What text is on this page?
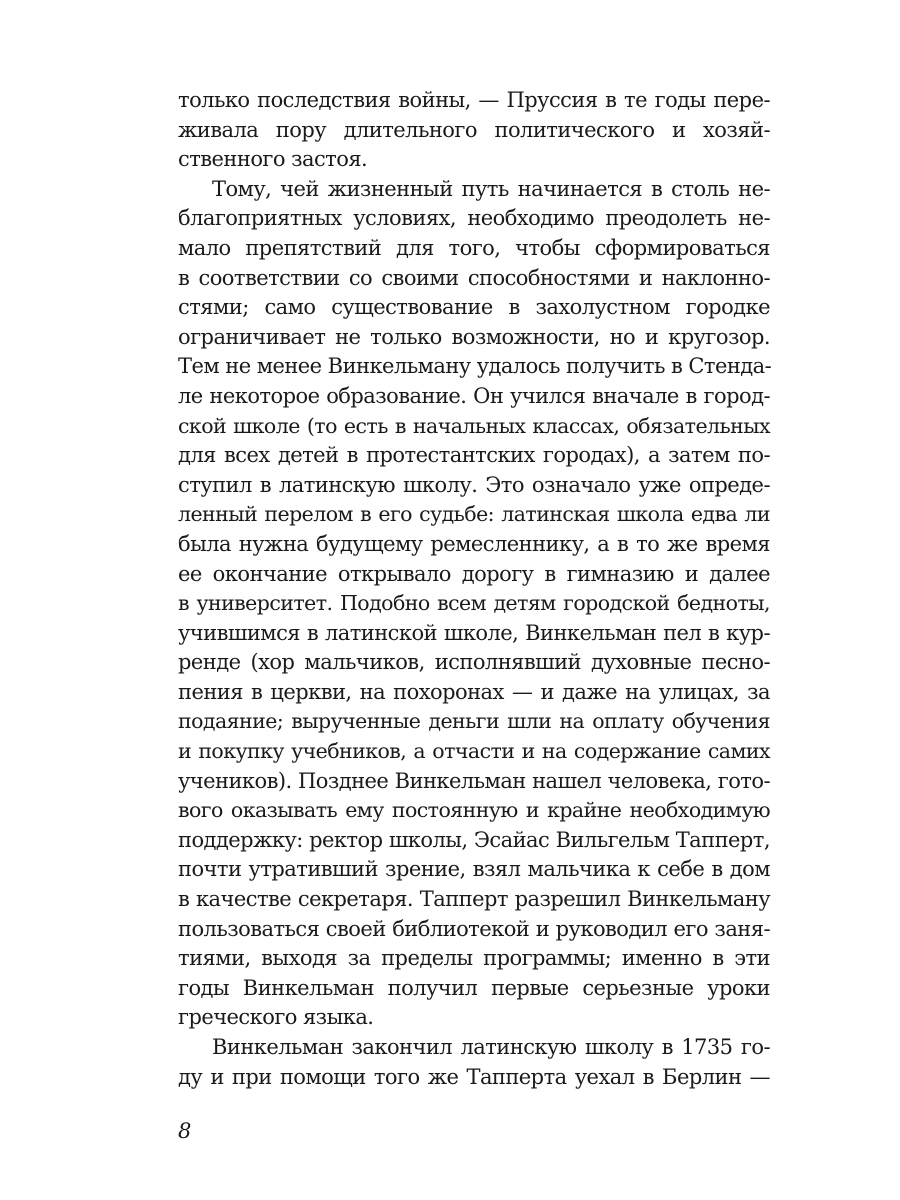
только последствия войны, — Пруссия в те годы пере-
живала пору длительного политического и хозяй-
ственного застоя.
Тому, чей жизненный путь начинается в столь не-
благоприятных условиях, необходимо преодолеть не-
мало препятствий для того, чтобы сформироваться
в соответствии со своими способностями и наклонно-
стями; само существование в захолустном городке
ограничивает не только возможности, но и кругозор.
Тем не менее Винкельману удалось получить в Стенда-
ле некоторое образование. Он учился вначале в город-
ской школе (то есть в начальных классах, обязательных
для всех детей в протестантских городах), а затем по-
ступил в латинскую школу. Это означало уже опреде-
ленный перелом в его судьбе: латинская школа едва ли
была нужна будущему ремесленнику, а в то же время
ее окончание открывало дорогу в гимназию и далее
в университет. Подобно всем детям городской бедноты,
учившимся в латинской школе, Винкельман пел в кур-
ренде (хор мальчиков, исполнявший духовные песно-
пения в церкви, на похоронах — и даже на улицах, за
подаяние; вырученные деньги шли на оплату обучения
и покупку учебников, а отчасти и на содержание самих
учеников). Позднее Винкельман нашел человека, гото-
вого оказывать ему постоянную и крайне необходимую
поддержку: ректор школы, Эсайас Вильгельм Тапперт,
почти утративший зрение, взял мальчика к себе в дом
в качестве секретаря. Тапперт разрешил Винкельману
пользоваться своей библиотекой и руководил его заня-
тиями, выходя за пределы программы; именно в эти
годы Винкельман получил первые серьезные уроки
греческого языка.
Винкельман закончил латинскую школу в 1735 го-
ду и при помощи того же Тапперта уехал в Берлин —
8
